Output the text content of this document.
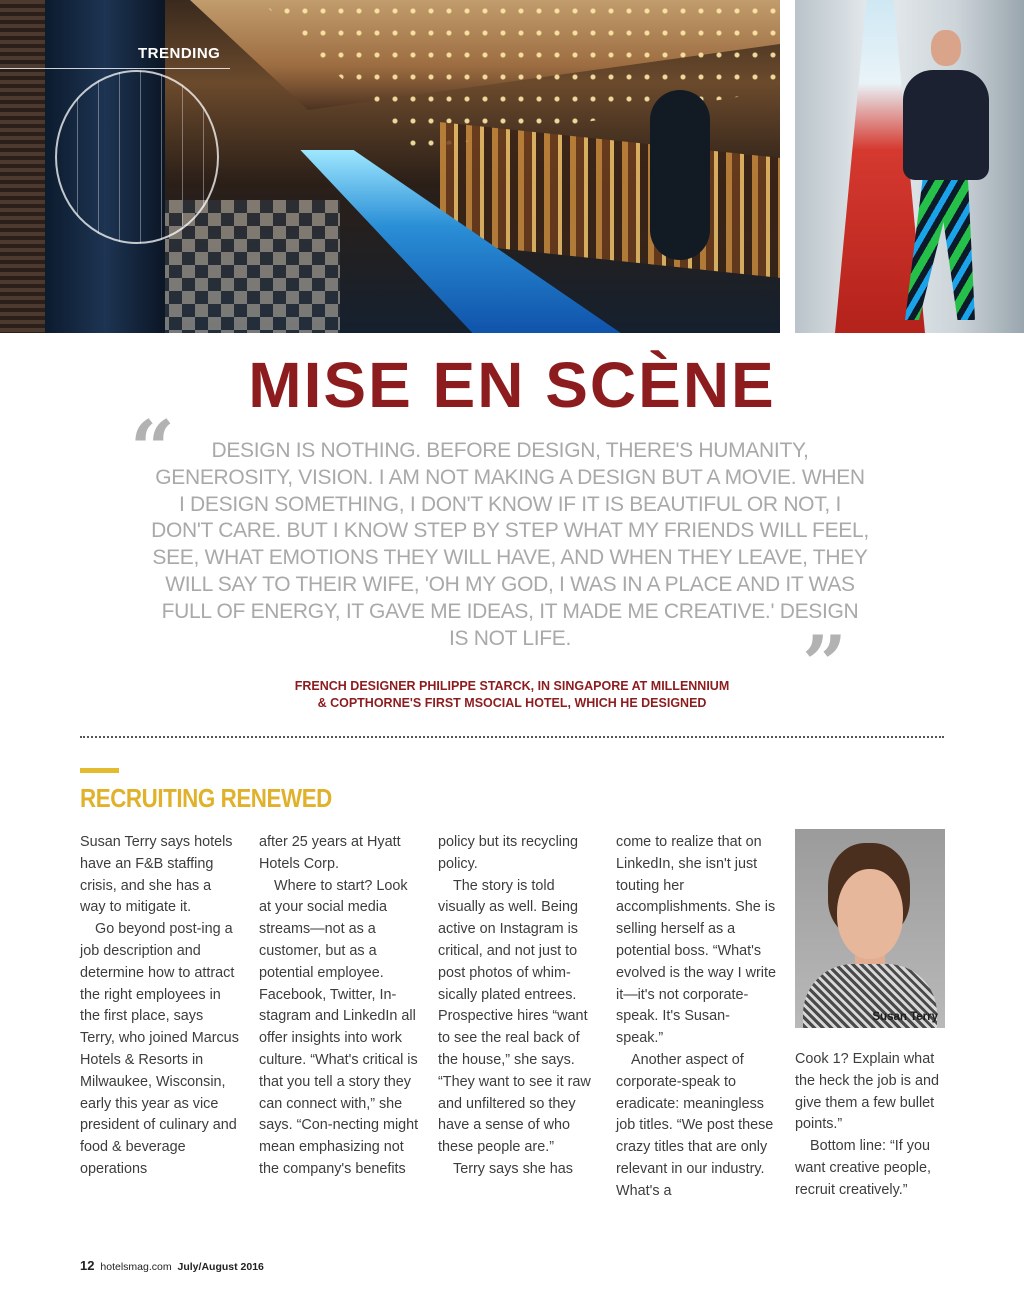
TRENDING
MISE EN SCÈNE
“	DESIGN IS NOTHING. BEFORE DESIGN, THERE'S HUMANITY, GENEROSITY, VISION. I AM NOT MAKING A DESIGN BUT A MOVIE. WHEN I DESIGN SOMETHING, I DON'T KNOW IF IT IS BEAUTIFUL OR NOT, I DON'T CARE. BUT I KNOW STEP BY STEP WHAT MY FRIENDS WILL FEEL, SEE, WHAT EMOTIONS THEY WILL HAVE, AND WHEN THEY LEAVE, THEY WILL SAY TO THEIR WIFE, 'OH MY GOD, I WAS IN A PLACE AND IT WAS FULL OF ENERGY, IT GAVE ME IDEAS, IT MADE ME CREATIVE.' DESIGN IS NOT LIFE.	”
FRENCH DESIGNER PHILIPPE STARCK, IN SINGAPORE AT MILLENNIUM
& COPTHORNE'S FIRST MSOCIAL HOTEL, WHICH HE DESIGNED
RECRUITING RENEWED

Susan Terry says hotels have an F&B staffing crisis, and she has a way to mitigate it.

Go beyond post-ing a job description and determine how to attract the right employees in the first place, says Terry, who joined Marcus Hotels & Resorts in Milwaukee, Wisconsin, early this year as vice president of culinary and food & beverage operations

after 25 years at Hyatt Hotels Corp.

Where to start? Look at your social media streams—not as a customer, but as a potential employee. Facebook, Twitter, In-stagram and LinkedIn all offer insights into work culture. “What's critical is that you tell a story they can connect with,” she says. “Con-necting might mean emphasizing not the company's benefits

policy but its recycling policy.

The story is told visually as well. Being active on Instagram is critical, and not just to post photos of whim-sically plated entrees. Prospective hires “want to see the real back of the house,” she says. “They want to see it raw and unfiltered so they have a sense of who these people are.”

Terry says she has

come to realize that on LinkedIn, she isn't just touting her accomplishments. She is selling herself as a potential boss. “What's evolved is the way I write it—it's not corporate-speak. It's Susan-speak.”

Another aspect of corporate-speak to eradicate: meaningless job titles. “We post these crazy titles that are only relevant in our industry. What's a

Susan Terry

Cook 1? Explain what the heck the job is and give them a few bullet points.”

Bottom line: “If you want creative people, recruit creatively.”

12 hotelsmag.com July/August 2016
